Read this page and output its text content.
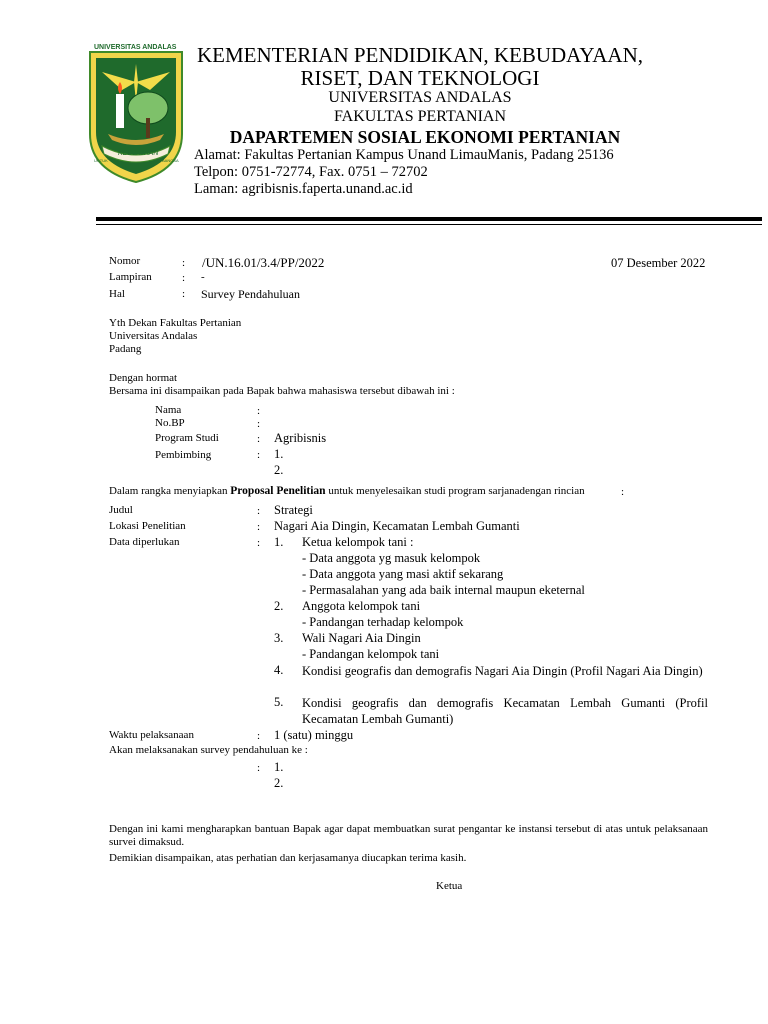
UNIVERSITAS ANDALAS
KEDJAJAAN
UNTUK	BANGSA
KEMENTERIAN PENDIDIKAN, KEBUDAYAAN,
RISET, DAN TEKNOLOGI
UNIVERSITAS ANDALAS
FAKULTAS PERTANIAN
DAPARTEMEN SOSIAL EKONOMI PERTANIAN
Alamat: Fakultas Pertanian Kampus Unand LimauManis, Padang 25136
Telpon: 0751-72774, Fax. 0751 – 72702
Laman: agribisnis.faperta.unand.ac.id
Nomor	: /UN.16.01/3.4/PP/2022	07 Desember 2022
Lampiran	: -
Hal	: Survey Pendahuluan
Yth Dekan Fakultas Pertanian
Universitas Andalas
Padang
Dengan hormat
Bersama ini disampaikan pada Bapak bahwa mahasiswa tersebut dibawah ini :
Nama	:
No.BP	:
Program Studi	: Agribisnis
Pembimbing	: 1.
2.
Dalam rangka menyiapkan Proposal Penelitian untuk menyelesaikan studi program sarjanadengan rincian	:
Judul	: Strategi
Lokasi Penelitian	: Nagari Aia Dingin, Kecamatan Lembah Gumanti
Data diperlukan	: 1. Ketua kelompok tani :
- Data anggota yg masuk kelompok
- Data anggota yang masi aktif sekarang
- Permasalahan yang ada baik internal maupun eketernal
2. Anggota kelompok tani
- Pandangan terhadap kelompok
3. Wali Nagari Aia Dingin
- Pandangan kelompok tani
4. Kondisi geografis dan demografis Nagari Aia Dingin (Profil Nagari Aia Dingin)
5. Kondisi geografis dan demografis Kecamatan Lembah Gumanti (Profil Kecamatan Lembah Gumanti)
Waktu pelaksanaan	: 1 (satu) minggu
Akan melaksanakan survey pendahuluan ke :
: 1.
2.
Dengan ini kami mengharapkan bantuan Bapak agar dapat membuatkan surat pengantar ke instansi tersebut di atas untuk pelaksanaan survei dimaksud.
Demikian disampaikan, atas perhatian dan kerjasamanya diucapkan terima kasih.
Ketua
